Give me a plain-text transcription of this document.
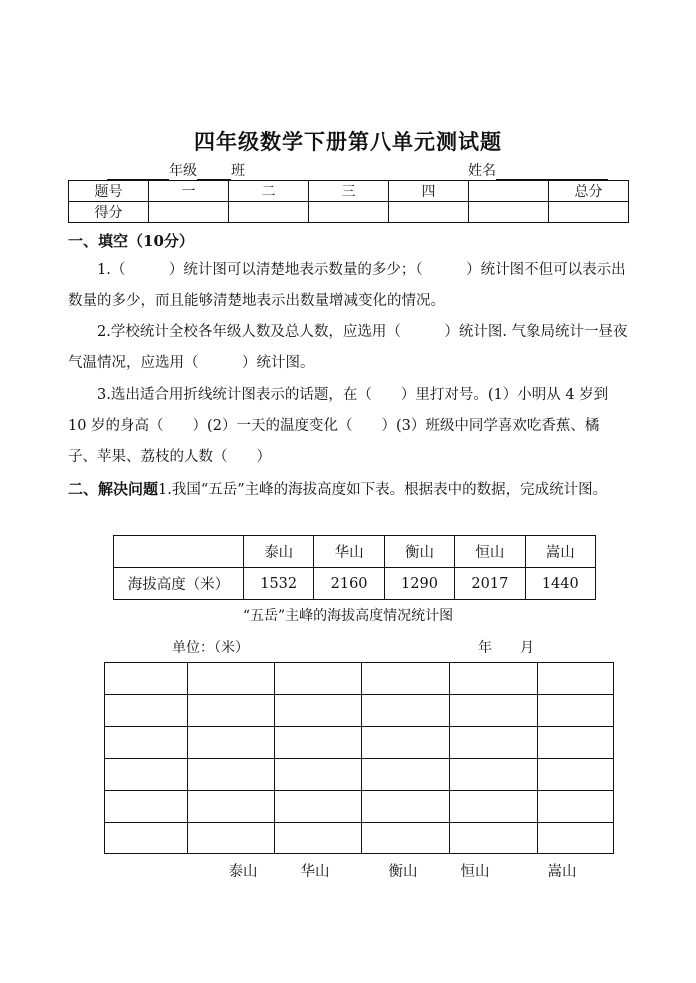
四年级数学下册第八单元测试题
年级 班	姓名
题号	一	二	三	四		总分
得分						
一、填空（10分）
1.（　　　）统计图可以清楚地表示数量的多少；（　　　）统计图不但可以表示出数量的多少，而且能够清楚地表示出数量增减变化的情况。
2.学校统计全校各年级人数及总人数，应选用（　　　）统计图. 气象局统计一昼夜气温情况，应选用（　　　）统计图。
3.选出适合用折线统计图表示的话题，在（　　）里打对号。(1）小明从 4 岁到 10 岁的身高（　　）(2）一天的温度变化（　　）(3）班级中同学喜欢吃香蕉、橘子、苹果、荔枝的人数（　　）
二、解决问题1.我国“五岳”主峰的海拔高度如下表。根据表中的数据，完成统计图。
	泰山	华山	衡山	恒山	嵩山
海拔高度（米）	1532	2160	1290	2017	1440
“五岳”主峰的海拔高度情况统计图
单位：（米）	年　　月
泰山	华山	衡山	恒山	嵩山
